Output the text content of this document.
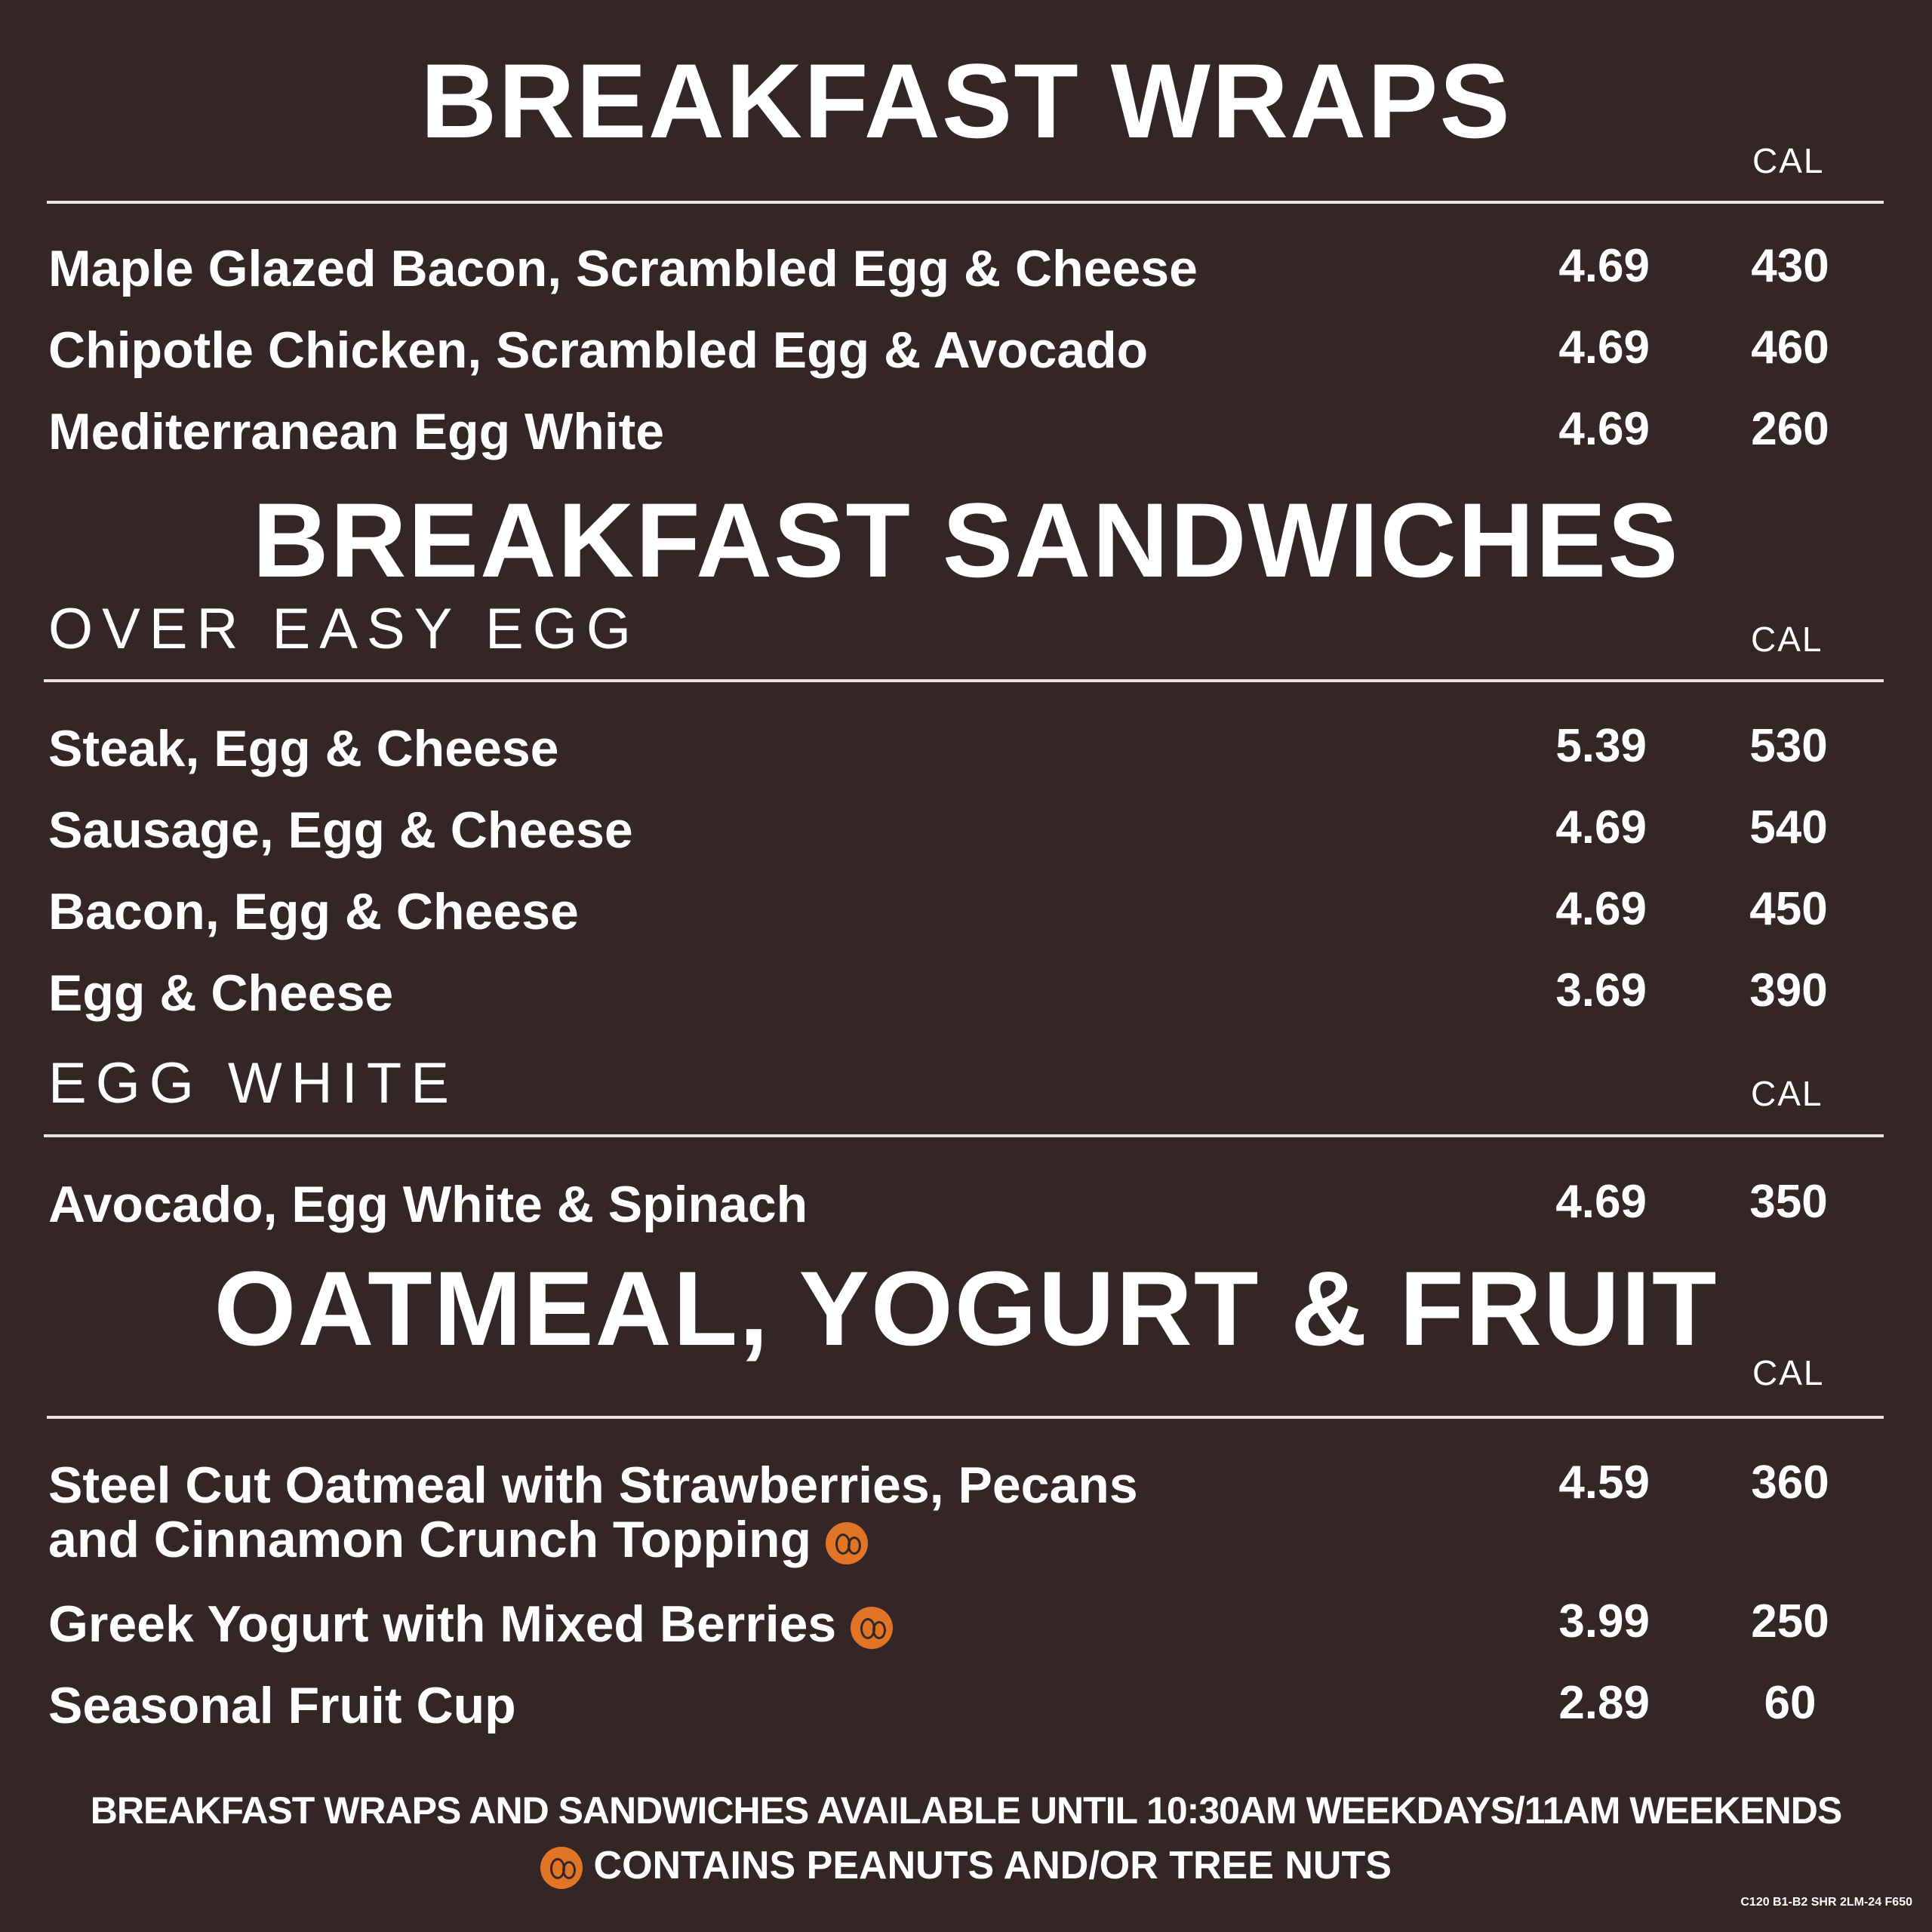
BREAKFAST WRAPS
CAL
Maple Glazed Bacon, Scrambled Egg & Cheese	4.69	430
Chipotle Chicken, Scrambled Egg & Avocado	4.69	460
Mediterranean Egg White	4.69	260
BREAKFAST SANDWICHES
OVER EASY EGG	CAL
Steak, Egg & Cheese	5.39	530
Sausage, Egg & Cheese	4.69	540
Bacon, Egg & Cheese	4.69	450
Egg & Cheese	3.69	390
EGG WHITE	CAL
Avocado, Egg White & Spinach	4.69	350
OATMEAL, YOGURT & FRUIT
CAL
Steel Cut Oatmeal with Strawberries, Pecans
and Cinnamon Crunch Topping
4.59	360
Greek Yogurt with Mixed Berries	3.99	250
Seasonal Fruit Cup	2.89	60
BREAKFAST WRAPS AND SANDWICHES AVAILABLE UNTIL 10:30AM WEEKDAYS/11AM WEEKENDS
CONTAINS PEANUTS AND/OR TREE NUTS
C120 B1-B2 SHR 2LM-24 F650
